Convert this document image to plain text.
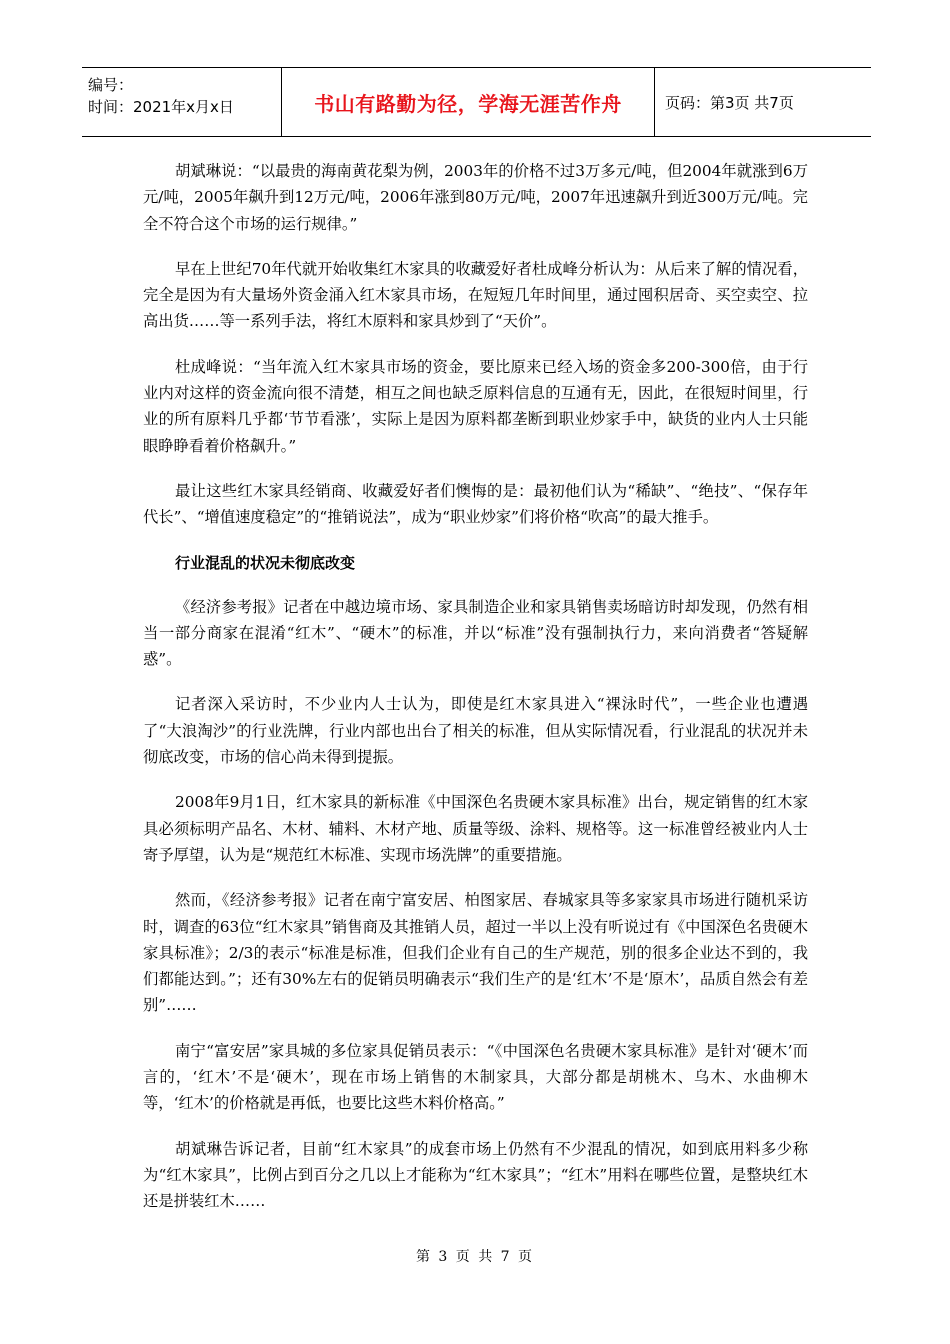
编号：
时间：2021年x月x日	书山有路勤为径，学海无涯苦作舟	页码：第3页 共7页

胡斌琳说：“以最贵的海南黄花梨为例，2003年的价格不过3万多元/吨，但2004年就涨到6万元/吨，2005年飙升到12万元/吨，2006年涨到80万元/吨，2007年迅速飙升到近300万元/吨。完全不符合这个市场的运行规律。”

早在上世纪70年代就开始收集红木家具的收藏爱好者杜成峰分析认为：从后来了解的情况看，完全是因为有大量场外资金涌入红木家具市场，在短短几年时间里，通过囤积居奇、买空卖空、拉高出货……等一系列手法，将红木原料和家具炒到了“天价”。

杜成峰说：“当年流入红木家具市场的资金，要比原来已经入场的资金多200-300倍，由于行业内对这样的资金流向很不清楚，相互之间也缺乏原料信息的互通有无，因此，在很短时间里，行业的所有原料几乎都‘节节看涨’，实际上是因为原料都垄断到职业炒家手中，缺货的业内人士只能眼睁睁看着价格飙升。”

最让这些红木家具经销商、收藏爱好者们懊悔的是：最初他们认为“稀缺”、“绝技”、“保存年代长”、“增值速度稳定”的“推销说法”，成为“职业炒家”们将价格“吹高”的最大推手。

行业混乱的状况未彻底改变

《经济参考报》记者在中越边境市场、家具制造企业和家具销售卖场暗访时却发现，仍然有相当一部分商家在混淆“红木”、“硬木”的标准，并以“标准”没有强制执行力，来向消费者“答疑解惑”。

记者深入采访时，不少业内人士认为，即使是红木家具进入“裸泳时代”，一些企业也遭遇了“大浪淘沙”的行业洗牌，行业内部也出台了相关的标准，但从实际情况看，行业混乱的状况并未彻底改变，市场的信心尚未得到提振。

2008年9月1日，红木家具的新标准《中国深色名贵硬木家具标准》出台，规定销售的红木家具必须标明产品名、木材、辅料、木材产地、质量等级、涂料、规格等。这一标准曾经被业内人士寄予厚望，认为是“规范红木标准、实现市场洗牌”的重要措施。

然而，《经济参考报》记者在南宁富安居、柏图家居、春城家具等多家家具市场进行随机采访时，调查的63位“红木家具”销售商及其推销人员，超过一半以上没有听说过有《中国深色名贵硬木家具标准》；2/3的表示“标准是标准，但我们企业有自己的生产规范，别的很多企业达不到的，我们都能达到。”；还有30%左右的促销员明确表示“我们生产的是‘红木’不是‘原木’，品质自然会有差别”……

南宁“富安居”家具城的多位家具促销员表示：“《中国深色名贵硬木家具标准》是针对‘硬木’而言的，‘红木’不是‘硬木’，现在市场上销售的木制家具，大部分都是胡桃木、乌木、水曲柳木等，‘红木’的价格就是再低，也要比这些木料价格高。”

胡斌琳告诉记者，目前“红木家具”的成套市场上仍然有不少混乱的情况，如到底用料多少称为“红木家具”，比例占到百分之几以上才能称为“红木家具”；“红木”用料在哪些位置，是整块红木还是拼装红木……

第 3 页 共 7 页
